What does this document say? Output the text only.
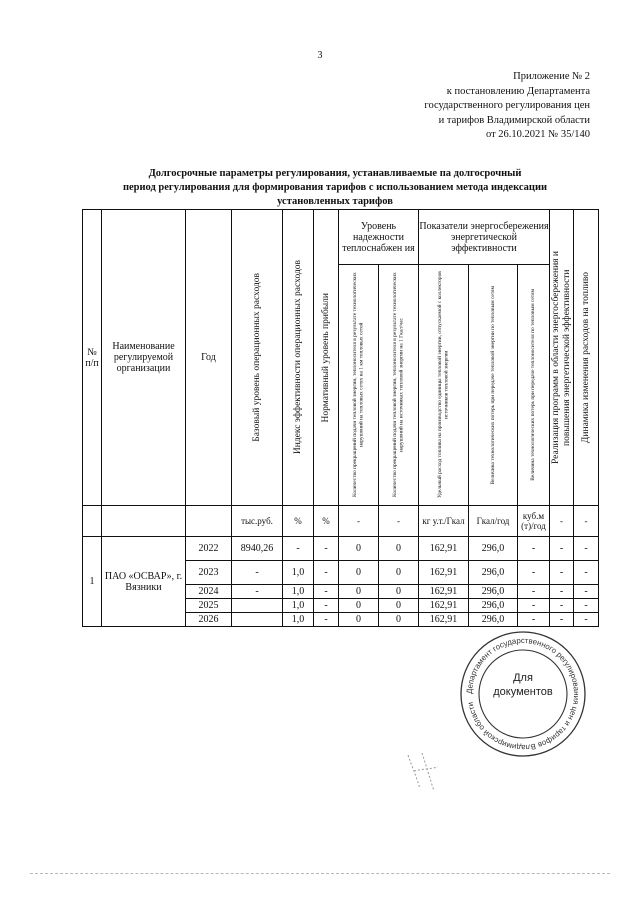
3
Приложение № 2
к постановлению Департамента
государственного регулирования цен
и тарифов Владимирской области
от 26.10.2021 № 35/140
Долгосрочные параметры регулирования, устанавливаемые па долгосрочный
период регулирования для формирования тарифов с использованием метода индексации
установленных тарифов
№ п/п	Наименование регулируемой организации	Год	Базовый уровень операционных расходов	Индекс эффективности операционных расходов	Нормативный уровень прибыли	Уровень надежности теплоснабжен ия		Показатели энергосбережения энергетической эффективности			Реализация программ в области энергосбережения и повышения энергетической эффективности	Динамика изменения расходов на топливо

						Количество прекращений подачи тепловой энергии, теплоносителя в результате технологических нарушений на тепловых сетях на 1 км тепловых сетей	Количество прекращений подачи тепловой энергии, теплоносителя в результате технологических нарушений на источниках тепловой энергии на 1 Гкал/час	Удельный расход топлива на производство единицы тепловой энергии, отпускаемой с коллекторов источников тепловой энергии	Величина технологических потерь при передаче тепловой энергии по тепловым сетям	Величина технологических потерь при передаче теплоносителя по тепловым сетям		

			тыс.руб.	%	%	-	-	кг у.т./Гкал	Гкал/год	куб.м (т)/год	-	-
1	ПАО «ОСВАР», г. Вязники	2022	8940,26	-	-	0	0	162,91	296,0	-	-	-
		2023	-	1,0	-	0	0	162,91	296,0	-	-	-
		2024	-	1,0	-	0	0	162,91	296,0	-	-	-
		2025		1,0	-	0	0	162,91	296,0	-	-	-
		2026		1,0	-	0	0	162,91	296,0	-	-	-
Департамент государственного регулирования цен и тарифов Владимирской области
Для
документов
